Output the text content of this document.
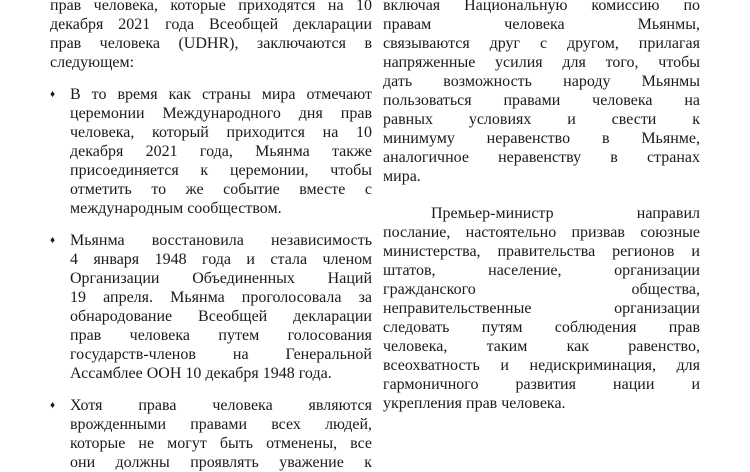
прав человека, которые приходятся на 10
декабря 2021 года Всеобщей декларации
прав человека (UDHR), заключаются в
следующем:
♦ В то время как страны мира отмечают
церемонии Международного дня прав
человека, который приходится на 10
декабря 2021 года, Мьянма также
присоединяется к церемонии, чтобы
отметить то же событие вместе с
международным сообществом.
♦ Мьянма восстановила независимость
4 января 1948 года и стала членом
Организации Объединенных Наций
19 апреля. Мьянма проголосовала за
обнародование Всеобщей декларации
прав человека путем голосования
государств-членов на Генеральной
Ассамблее ООН 10 декабря 1948 года.
♦ Хотя права человека являются
врожденными правами всех людей,
которые не могут быть отменены, все
они должны проявлять уважение к
включая Национальную комиссию по
правам человека Мьянмы,
связываются друг с другом, прилагая
напряженные усилия для того, чтобы
дать возможность народу Мьянмы
пользоваться правами человека на
равных условиях и свести к
минимуму неравенство в Мьянме,
аналогичное неравенству в странах
мира.
Премьер-министр направил
послание, настоятельно призвав союзные
министерства, правительства регионов и
штатов, население, организации
гражданского общества,
неправительственные организации
следовать путям соблюдения прав
человека, таким как равенство,
всеохватность и недискриминация, для
гармоничного развития нации и
укрепления прав человека.
